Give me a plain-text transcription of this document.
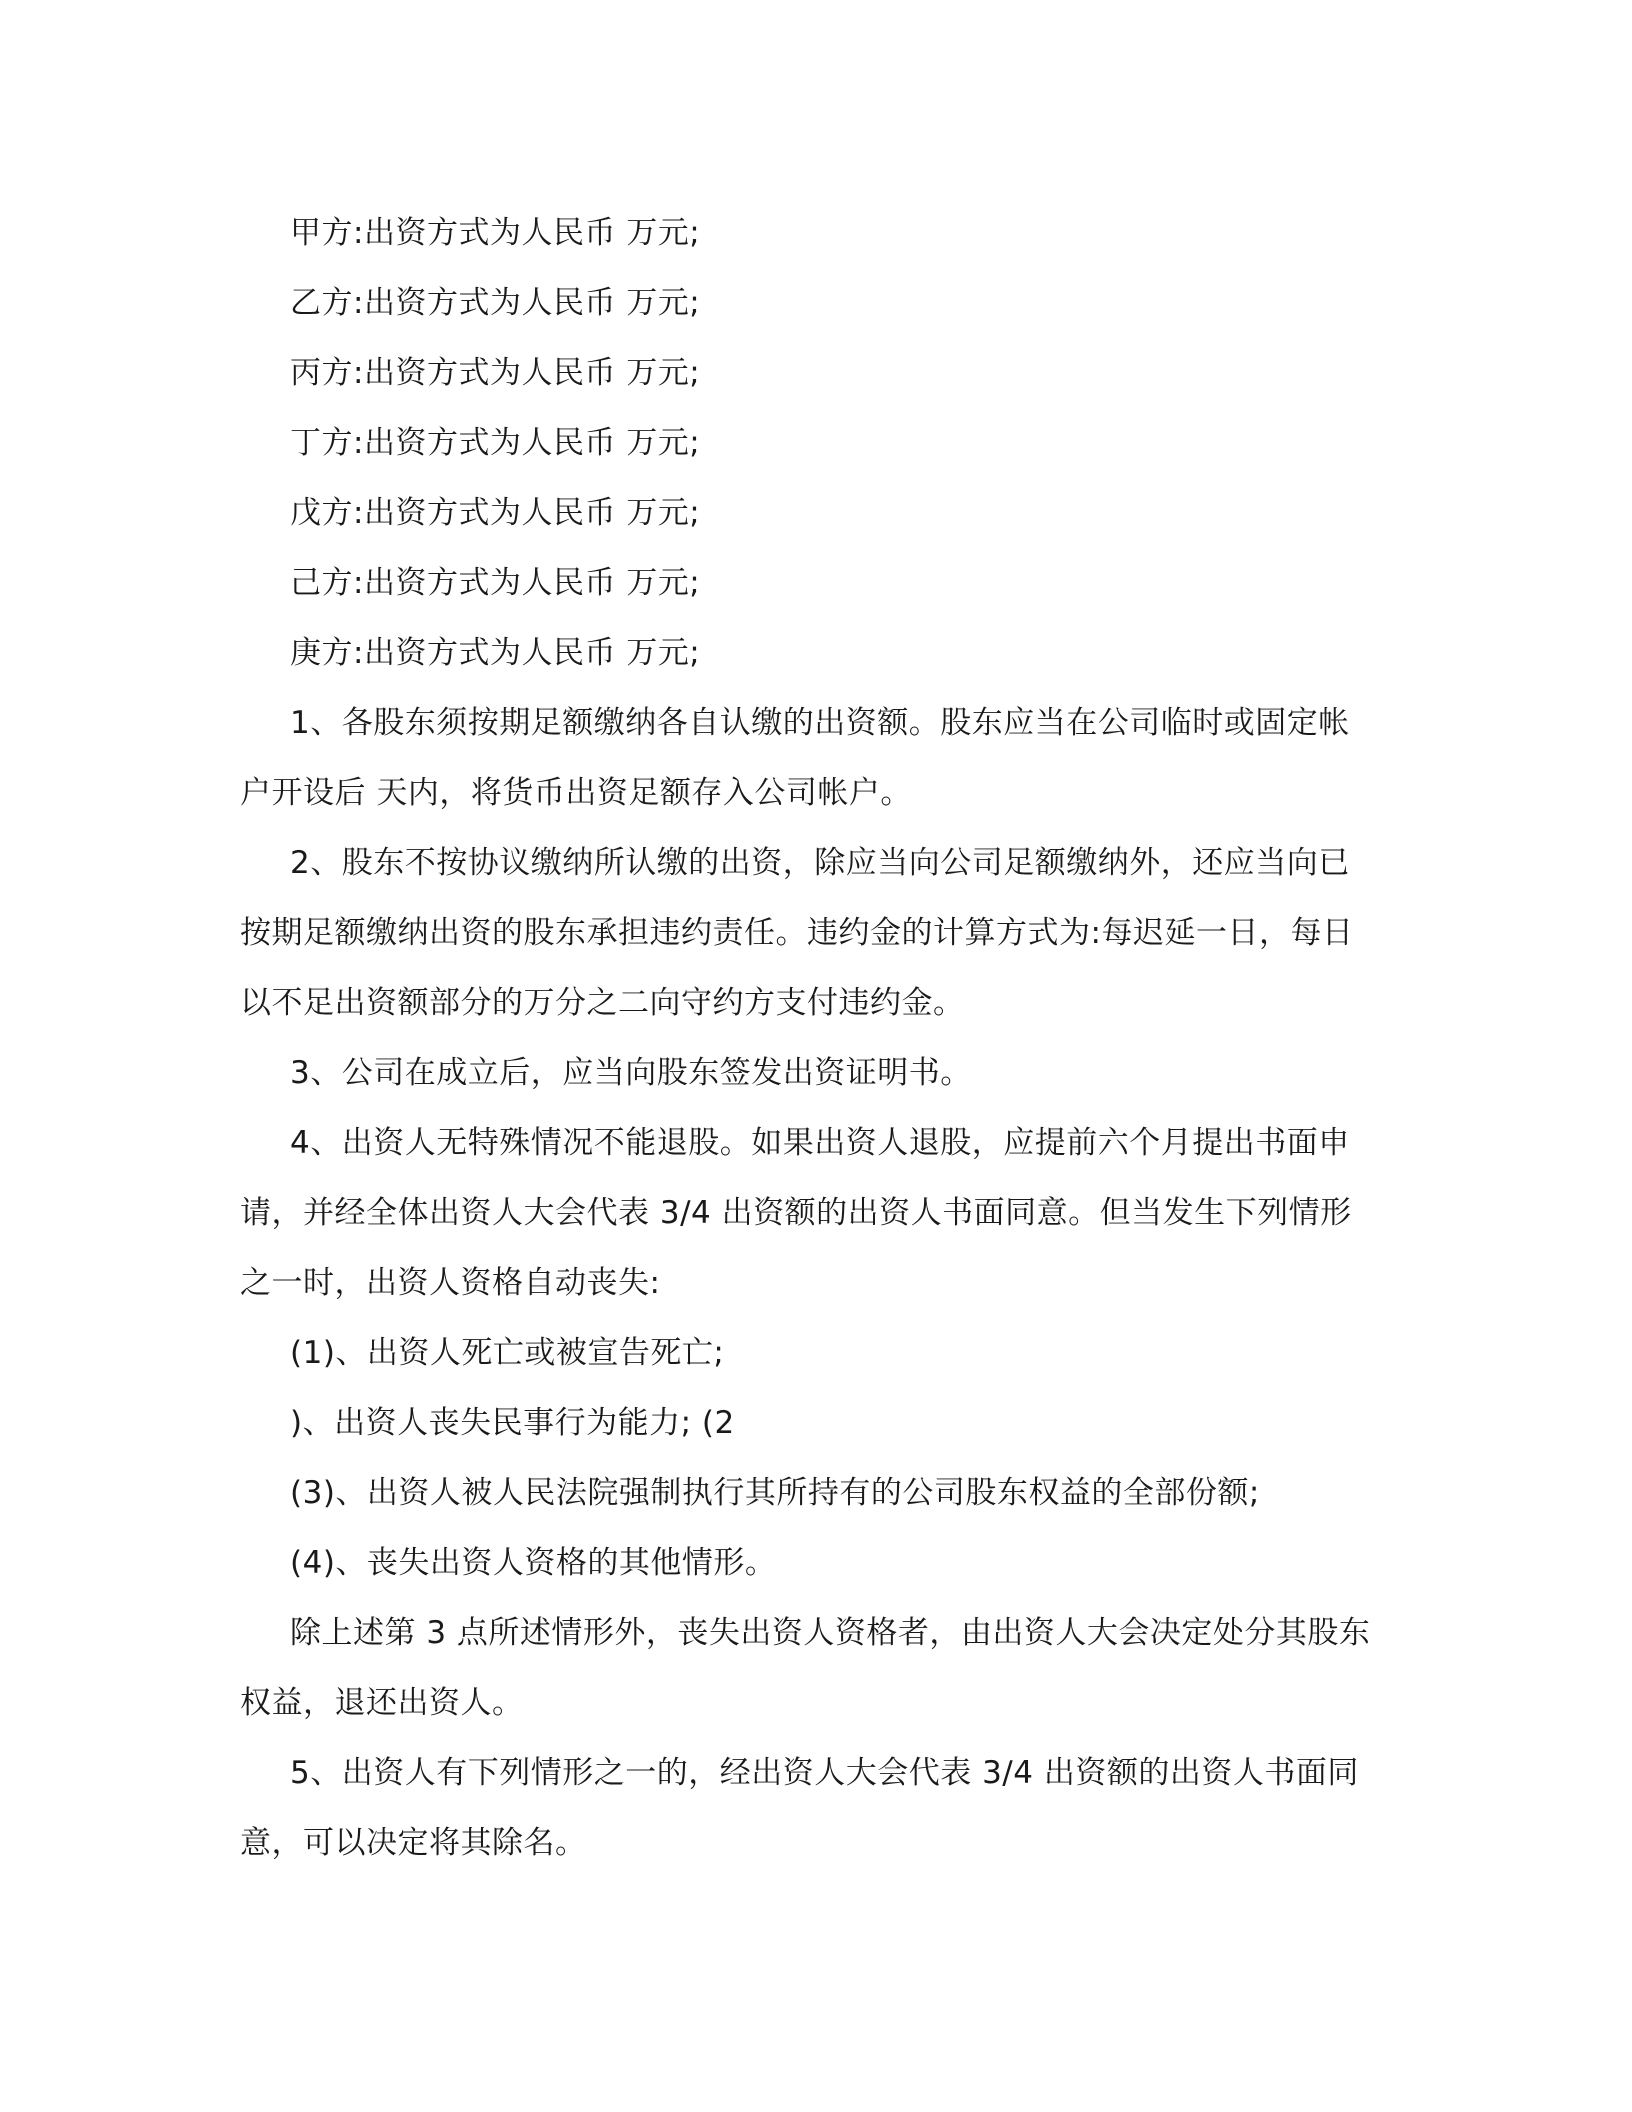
甲方:出资方式为人民币 万元;
乙方:出资方式为人民币 万元;
丙方:出资方式为人民币 万元;
丁方:出资方式为人民币 万元;
戊方:出资方式为人民币 万元;
己方:出资方式为人民币 万元;
庚方:出资方式为人民币 万元;
1、各股东须按期足额缴纳各自认缴的出资额。股东应当在公司临时或固定帐
户开设后 天内，将货币出资足额存入公司帐户。
2、股东不按协议缴纳所认缴的出资，除应当向公司足额缴纳外，还应当向已
按期足额缴纳出资的股东承担违约责任。违约金的计算方式为:每迟延一日，每日
以不足出资额部分的万分之二向守约方支付违约金。
3、公司在成立后，应当向股东签发出资证明书。
4、出资人无特殊情况不能退股。如果出资人退股，应提前六个月提出书面申
请，并经全体出资人大会代表 3/4 出资额的出资人书面同意。但当发生下列情形
之一时，出资人资格自动丧失:
(1)、出资人死亡或被宣告死亡;
)、出资人丧失民事行为能力; (2
(3)、出资人被人民法院强制执行其所持有的公司股东权益的全部份额;
(4)、丧失出资人资格的其他情形。
除上述第 3 点所述情形外，丧失出资人资格者，由出资人大会决定处分其股东
权益，退还出资人。
5、出资人有下列情形之一的，经出资人大会代表 3/4 出资额的出资人书面同
意，可以决定将其除名。
